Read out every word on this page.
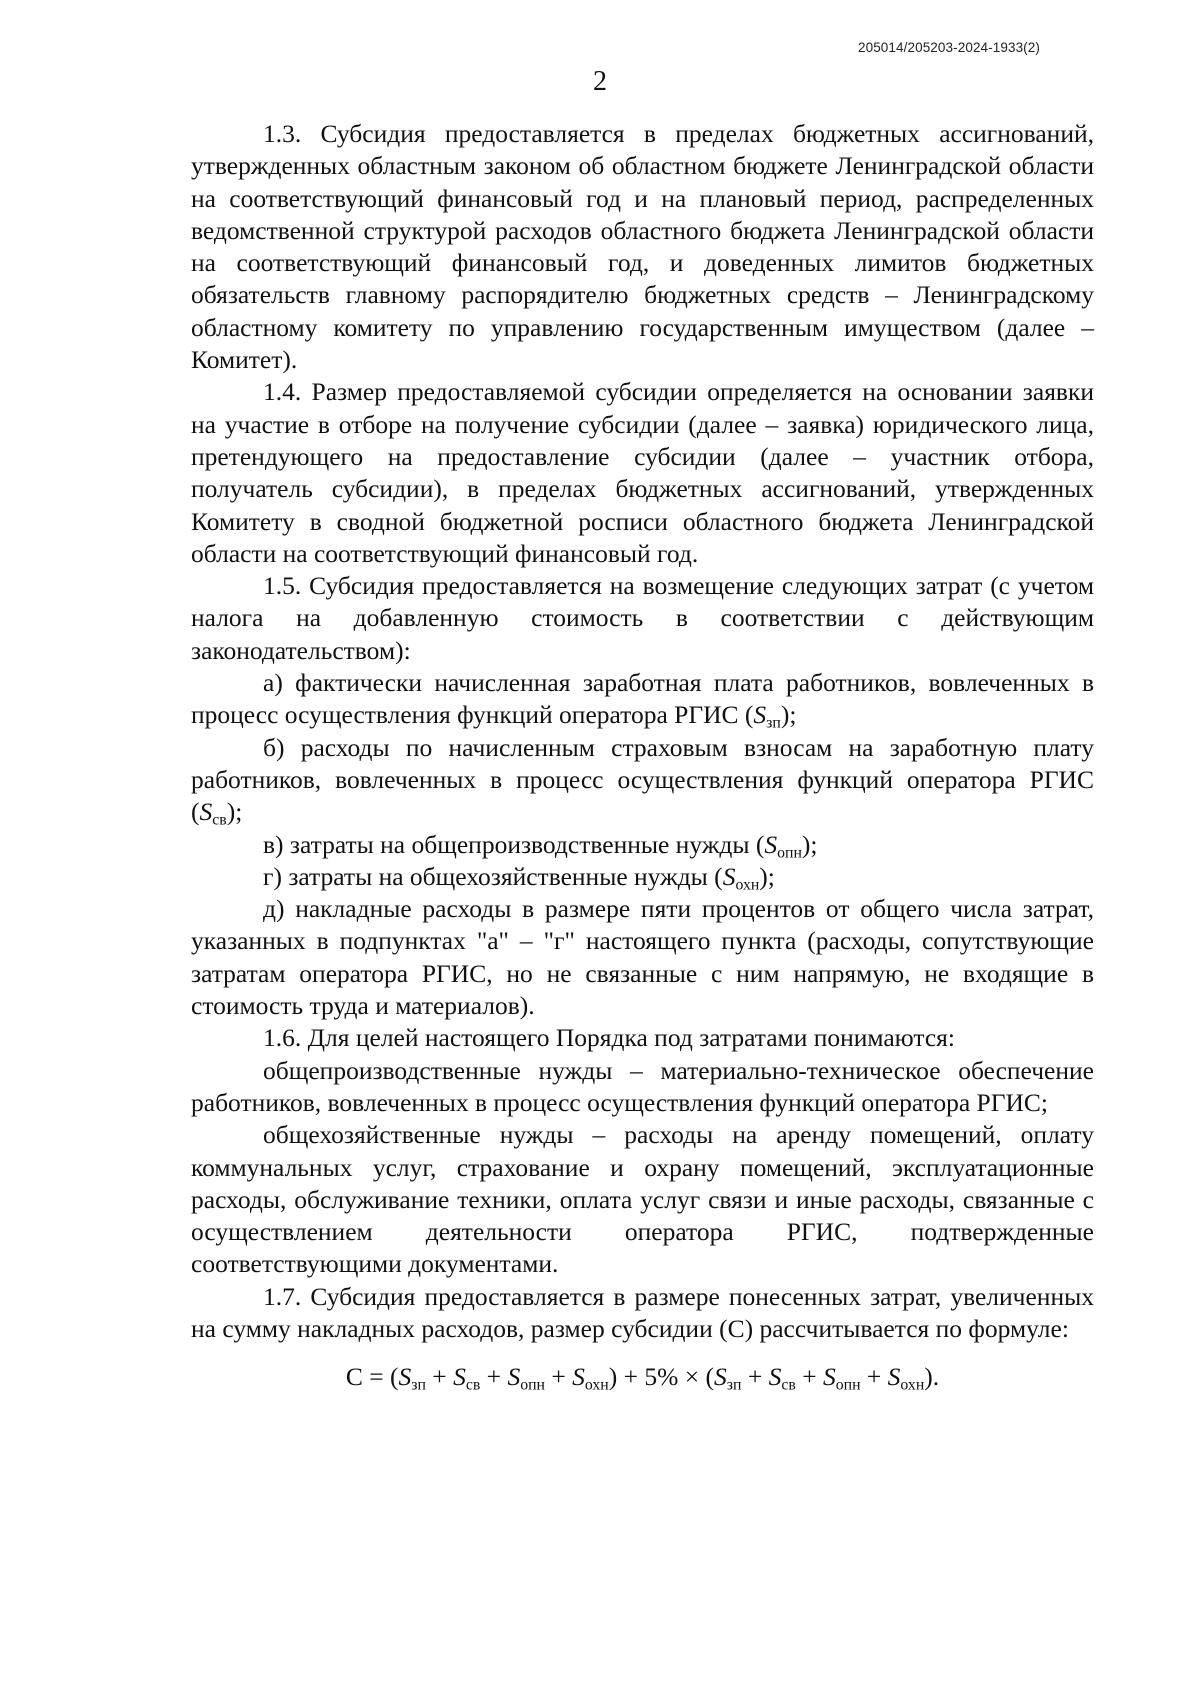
205014/205203-2024-1933(2)
2

1.3. Субсидия предоставляется в пределах бюджетных ассигнований, утвержденных областным законом об областном бюджете Ленинградской области на соответствующий финансовый год и на плановый период, распределенных ведомственной структурой расходов областного бюджета Ленинградской области на соответствующий финансовый год, и доведенных лимитов бюджетных обязательств главному распорядителю бюджетных средств – Ленинградскому областному комитету по управлению государственным имуществом (далее – Комитет).

1.4. Размер предоставляемой субсидии определяется на основании заявки на участие в отборе на получение субсидии (далее – заявка) юридического лица, претендующего на предоставление субсидии (далее – участник отбора, получатель субсидии), в пределах бюджетных ассигнований, утвержденных Комитету в сводной бюджетной росписи областного бюджета Ленинградской области на соответствующий финансовый год.

1.5. Субсидия предоставляется на возмещение следующих затрат (с учетом налога на добавленную стоимость в соответствии с действующим законодательством):

а) фактически начисленная заработная плата работников, вовлеченных в процесс осуществления функций оператора РГИС $(S_{зп})$;

б) расходы по начисленным страховым взносам на заработную плату работников, вовлеченных в процесс осуществления функций оператора РГИС $(S_{св})$;

в) затраты на общепроизводственные нужды $(S_{опн})$;

г) затраты на общехозяйственные нужды $(S_{охн})$;

д) накладные расходы в размере пяти процентов от общего числа затрат, указанных в подпунктах "а" – "г" настоящего пункта (расходы, сопутствующие затратам оператора РГИС, но не связанные с ним напрямую, не входящие в стоимость труда и материалов).

1.6. Для целей настоящего Порядка под затратами понимаются:

общепроизводственные нужды – материально-техническое обеспечение работников, вовлеченных в процесс осуществления функций оператора РГИС;

общехозяйственные нужды – расходы на аренду помещений, оплату коммунальных услуг, страхование и охрану помещений, эксплуатационные расходы, обслуживание техники, оплата услуг связи и иные расходы, связанные с осуществлением деятельности оператора РГИС, подтвержденные соответствующими документами.

1.7. Субсидия предоставляется в размере понесенных затрат, увеличенных на сумму накладных расходов, размер субсидии (С) рассчитывается по формуле:

$С = (S_{зп} + S_{св} + S_{опн} + S_{охн}) + 5\% \times (S_{зп} + S_{св} + S_{опн} + S_{охн})$.
